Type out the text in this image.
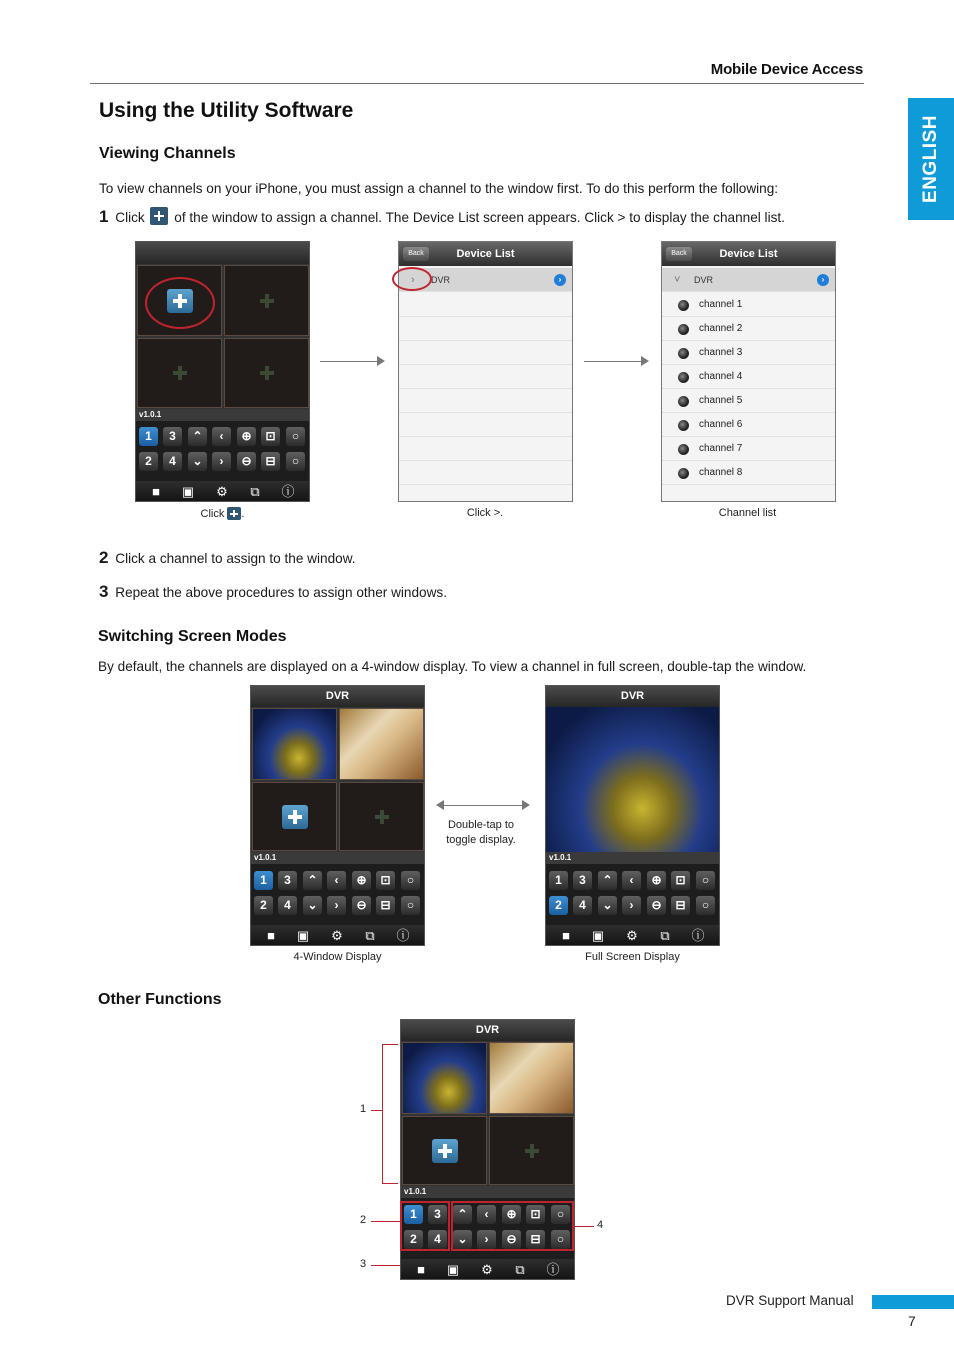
Mobile Device Access
ENGLISH
Using the Utility Software
Viewing Channels
To view channels on your iPhone, you must assign a channel to the window first. To do this perform the following:
1 Click of the window to assign a channel. The Device List screen appears. Click > to display the channel list.
v1.0.1
1	3	⌃	‹	⊕	⊡	○
2	4	⌄	›	⊖	⊟	○
■	▣ ⚙ ⧉ ⓘ
Back	Device List
› DVR	›
Back	Device List
˅ DVR	›
channel 1
channel 2
channel 3
channel 4
channel 5
channel 6
channel 7
channel 8
Click .	Click >.	Channel list
2 Click a channel to assign to the window.
3 Repeat the above procedures to assign other windows.
Switching Screen Modes
By default, the channels are displayed on a 4-window display. To view a channel in full screen, double-tap the window.
DVR
v1.0.1
1	3	⌃	‹	⊕	⊡	○
2	4	⌄	›	⊖	⊟	○
■	▣ ⚙ ⧉ ⓘ
Double-tap to
toggle display.
DVR
v1.0.1
1	3	⌃	‹	⊕	⊡	○
2	4	⌄	›	⊖	⊟	○
■	▣ ⚙ ⧉ ⓘ
4-Window Display	Full Screen Display
Other Functions
DVR
v1.0.1
1	3	⌃	‹	⊕	⊡	○
2	4	⌄	›	⊖	⊟	○
■	▣ ⚙ ⧉ ⓘ
1
2
3
4
DVR Support Manual
7
